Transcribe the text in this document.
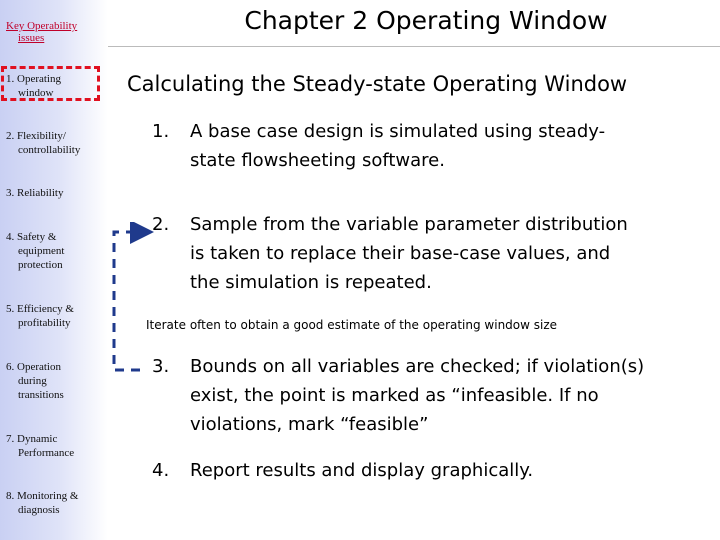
Key Operability
issues
1. Operating
window
2. Flexibility/
controllability
3. Reliability
4. Safety &
equipment
protection
5. Efficiency &
profitability
6. Operation
during
transitions
7. Dynamic
Performance
8. Monitoring &
diagnosis
Chapter 2 Operating Window
Calculating the Steady-state Operating Window
1. A base case design is simulated using steady-
state flowsheeting software.
2. Sample from the variable parameter distribution
is taken to replace their base-case values, and
the simulation is repeated.
Iterate often to obtain a good estimate of the operating window size
3. Bounds on all variables are checked; if violation(s)
exist, the point is marked as “infeasible. If no
violations, mark “feasible”
4. Report results and display graphically.
